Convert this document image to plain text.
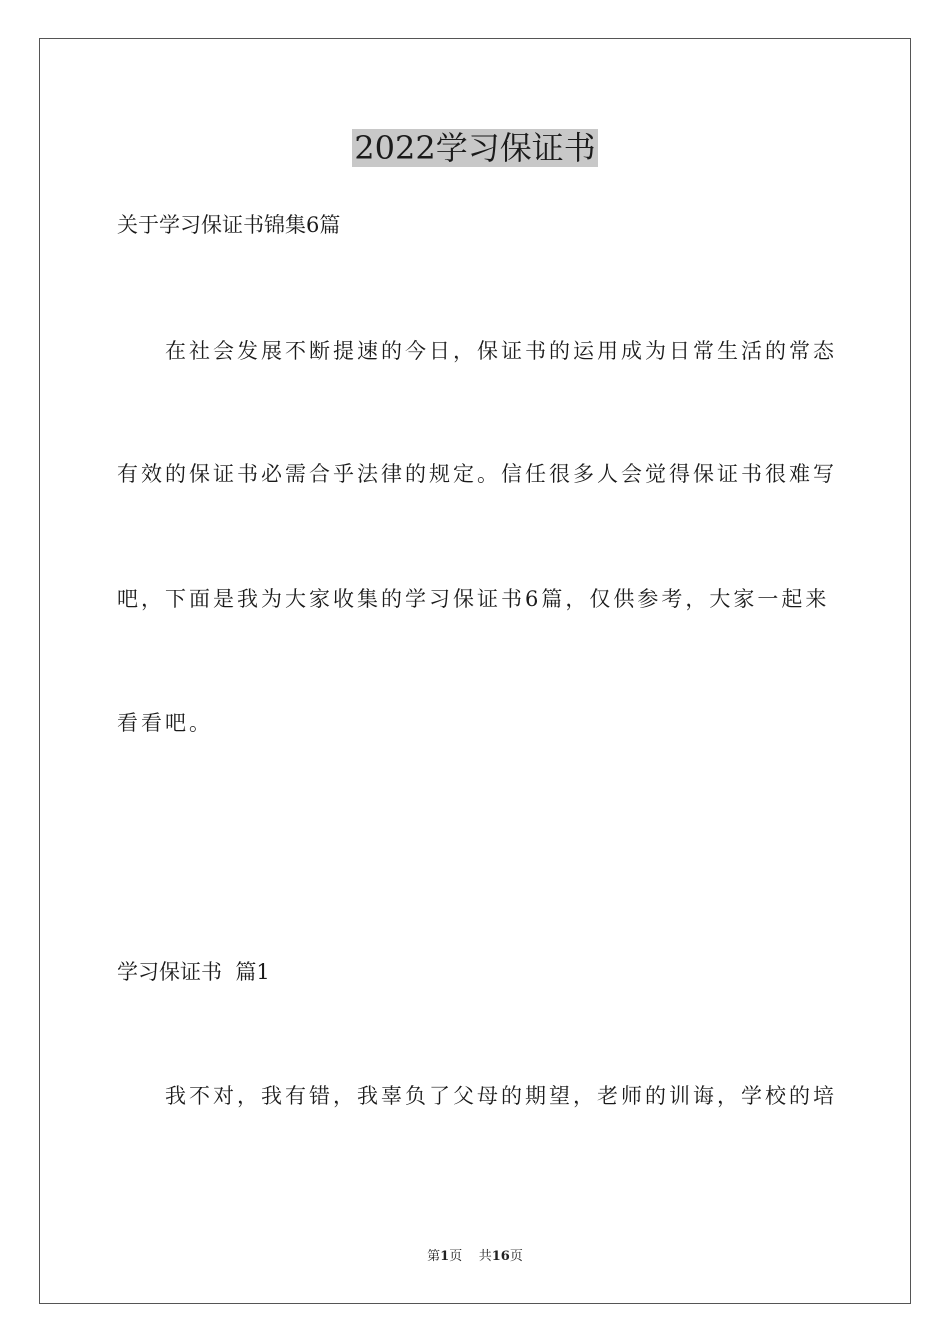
2022学习保证书

关于学习保证书锦集6篇

在社会发展不断提速的今日，保证书的运用成为日常生活的常态

有效的保证书必需合乎法律的规定。信任很多人会觉得保证书很难写

吧，下面是我为大家收集的学习保证书6篇，仅供参考，大家一起来

看看吧。

学习保证书  篇1

我不对，我有错，我辜负了父母的期望，老师的训诲，学校的培

第1页 共16页
